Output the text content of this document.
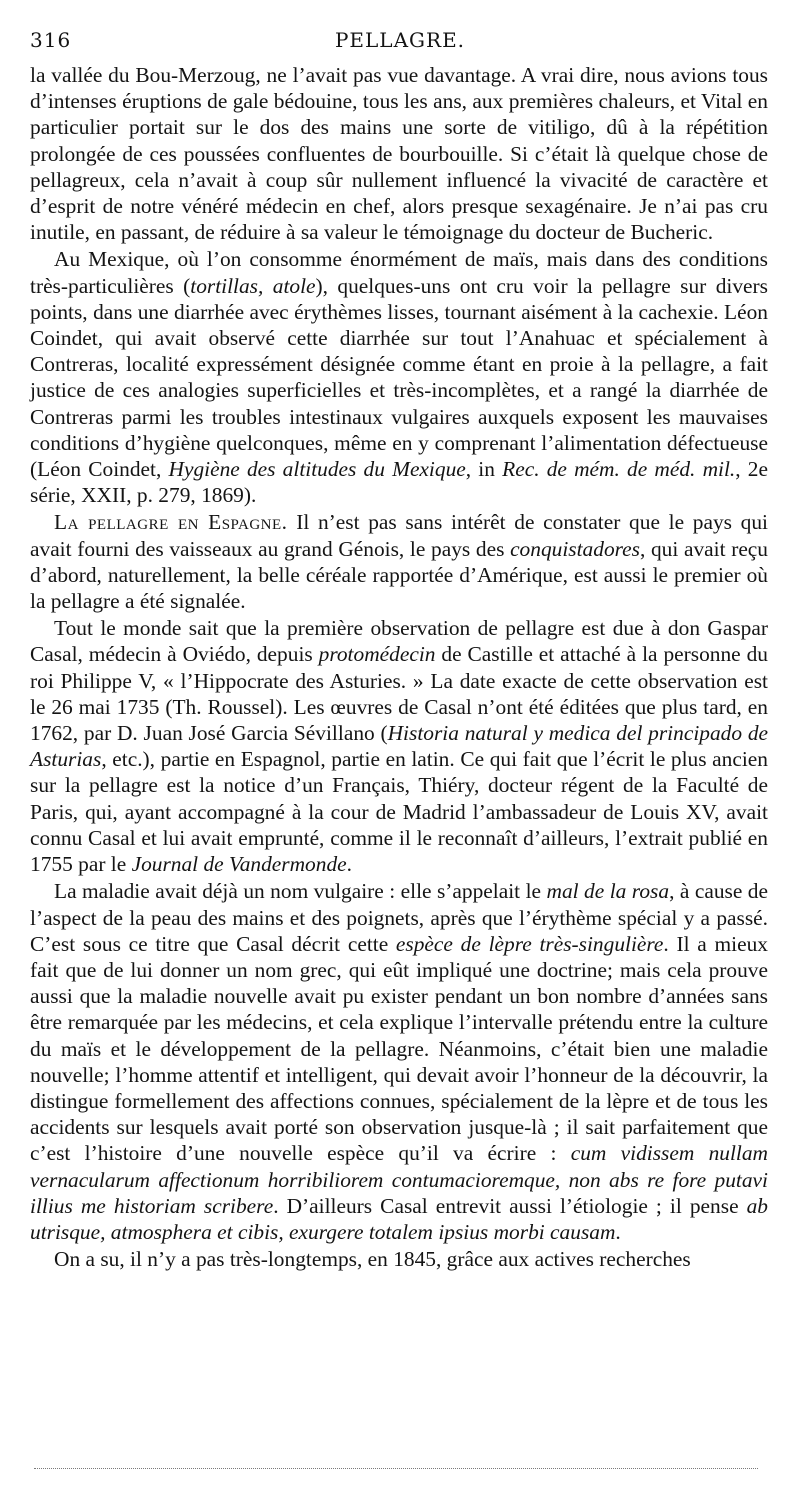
316	PELLAGRE.

la vallée du Bou-Merzoug, ne l’avait pas vue davantage. A vrai dire, nous avions tous d’intenses éruptions de gale bédouine, tous les ans, aux premières chaleurs, et Vital en particulier portait sur le dos des mains une sorte de vitiligo, dû à la répétition prolongée de ces poussées confluentes de bourbouille. Si c’était là quelque chose de pellagreux, cela n’avait à coup sûr nullement influencé la vivacité de caractère et d’esprit de notre vénéré médecin en chef, alors presque sexagénaire. Je n’ai pas cru inutile, en passant, de réduire à sa valeur le témoignage du docteur de Bucheric.

Au Mexique, où l’on consomme énormément de maïs, mais dans des conditions très-particulières (tortillas, atole), quelques-uns ont cru voir la pellagre sur divers points, dans une diarrhée avec érythèmes lisses, tournant aisément à la cachexie. Léon Coindet, qui avait observé cette diarrhée sur tout l’Anahuac et spécialement à Contreras, localité expressément désignée comme étant en proie à la pellagre, a fait justice de ces analogies superficielles et très-incomplètes, et a rangé la diarrhée de Contreras parmi les troubles intestinaux vulgaires auxquels exposent les mauvaises conditions d’hygiène quelconques, même en y comprenant l’alimentation défectueuse (Léon Coindet, Hygiène des altitudes du Mexique, in Rec. de mém. de méd. mil., 2e série, XXII, p. 279, 1869).

La pellagre en Espagne. Il n’est pas sans intérêt de constater que le pays qui avait fourni des vaisseaux au grand Génois, le pays des conquistadores, qui avait reçu d’abord, naturellement, la belle céréale rapportée d’Amérique, est aussi le premier où la pellagre a été signalée.

Tout le monde sait que la première observation de pellagre est due à don Gaspar Casal, médecin à Oviédo, depuis protomédecin de Castille et attaché à la personne du roi Philippe V, « l’Hippocrate des Asturies. » La date exacte de cette observation est le 26 mai 1735 (Th. Roussel). Les œuvres de Casal n’ont été éditées que plus tard, en 1762, par D. Juan José Garcia Sévillano (Historia natural y medica del principado de Asturias, etc.), partie en Espagnol, partie en latin. Ce qui fait que l’écrit le plus ancien sur la pellagre est la notice d’un Français, Thiéry, docteur régent de la Faculté de Paris, qui, ayant accompagné à la cour de Madrid l’ambassadeur de Louis XV, avait connu Casal et lui avait emprunté, comme il le reconnaît d’ailleurs, l’extrait publié en 1755 par le Journal de Vandermonde.

La maladie avait déjà un nom vulgaire : elle s’appelait le mal de la rosa, à cause de l’aspect de la peau des mains et des poignets, après que l’érythème spécial y a passé. C’est sous ce titre que Casal décrit cette espèce de lèpre très-singulière. Il a mieux fait que de lui donner un nom grec, qui eût impliqué une doctrine; mais cela prouve aussi que la maladie nouvelle avait pu exister pendant un bon nombre d’années sans être remarquée par les médecins, et cela explique l’intervalle prétendu entre la culture du maïs et le développement de la pellagre. Néanmoins, c’était bien une maladie nouvelle; l’homme attentif et intelligent, qui devait avoir l’honneur de la découvrir, la distingue formellement des affections connues, spécialement de la lèpre et de tous les accidents sur lesquels avait porté son observation jusque-là ; il sait parfaitement que c’est l’histoire d’une nouvelle espèce qu’il va écrire : cum vidissem nullam vernacularum affectionum horribiliorem contumacioremque, non abs re fore putavi illius me historiam scribere. D’ailleurs Casal entrevit aussi l’étiologie ; il pense ab utrisque, atmosphera et cibis, exurgere totalem ipsius morbi causam.

On a su, il n’y a pas très-longtemps, en 1845, grâce aux actives recherches
